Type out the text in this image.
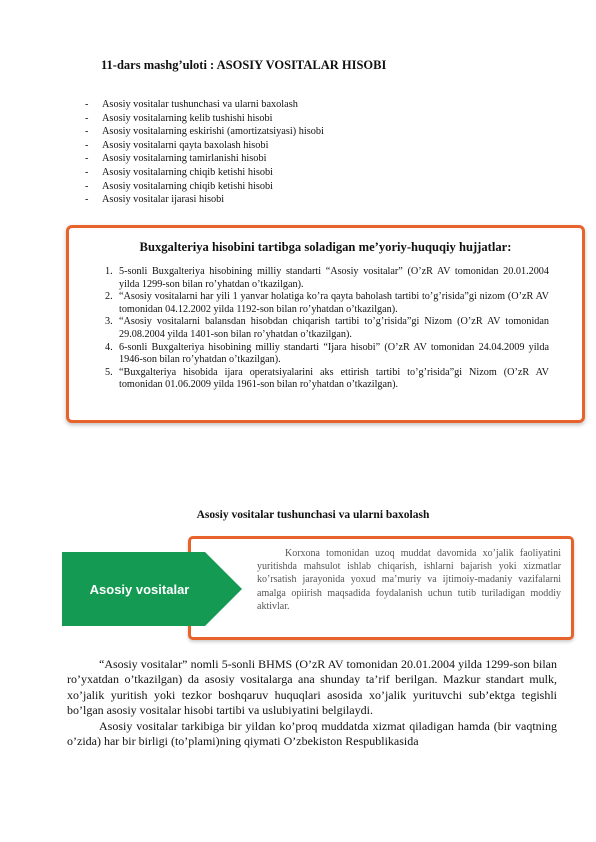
11-dars mashg’uloti : ASOSIY VOSITALAR HISOBI
- Asosiy vositalar tushunchasi va ularni baxolash
- Asosiy vositalarning kelib tushishi hisobi
- Asosiy vositalarning eskirishi (amortizatsiyasi) hisobi
- Asosiy vositalarni qayta baxolash hisobi
- Asosiy vositalarning tamirlanishi hisobi
- Asosiy vositalarning chiqib ketishi hisobi
- Asosiy vositalarning chiqib ketishi hisobi
- Asosiy vositalar ijarasi hisobi
Buxgalteriya hisobini tartibga soladigan me’yoriy-huquqiy hujjatlar:
1. 5-sonli Buxgalteriya hisobining milliy standarti “Asosiy vositalar” (O’zR AV tomonidan 20.01.2004 yilda 1299-son bilan ro’yhatdan o’tkazilgan).
2. “Asosiy vositalarni har yili 1 yanvar holatiga ko’ra qayta baholash tartibi to’g’risida”gi nizom (O’zR AV tomonidan 04.12.2002 yilda 1192-son bilan ro’yhatdan o’tkazilgan).
3. “Asosiy vositalarni balansdan hisobdan chiqarish tartibi to’g’risida”gi Nizom (O’zR AV tomonidan 29.08.2004 yilda 1401-son bilan ro’yhatdan o’tkazilgan).
4. 6-sonli Buxgalteriya hisobining milliy standarti “Ijara hisobi” (O’zR AV tomonidan 24.04.2009 yilda 1946-son bilan ro’yhatdan o’tkazilgan).
5. “Buxgalteriya hisobida ijara operatsiyalarini aks ettirish tartibi to’g’risida”gi Nizom (O’zR AV tomonidan 01.06.2009 yilda 1961-son bilan ro’yhatdan o’tkazilgan).
Asosiy vositalar tushunchasi va ularni baxolash
Korxona tomonidan uzoq muddat davomida xo’jalik faoliyatini yuritishda mahsulot ishlab chiqarish, ishlarni bajarish yoki xizmatlar ko’rsatish jarayonida yoxud ma’muriy va ijtimoiy-madaniy vazifalarni amalga opiirish maqsadida foydalanish uchun tutib turiladigan moddiy aktivlar.
Asosiy vositalar

“Asosiy vositalar” nomli 5-sonli BHMS (O’zR AV tomonidan 20.01.2004 yilda 1299-son bilan ro’yxatdan o’tkazilgan) da asosiy vositalarga ana shunday ta’rif berilgan. Mazkur standart mulk, xo’jalik yuritish yoki tezkor boshqaruv huquqlari asosida xo’jalik yurituvchi sub’ektga tegishli bo’lgan asosiy vositalar hisobi tartibi va uslubiyatini belgilaydi.

Asosiy vositalar tarkibiga bir yildan ko’proq muddatda xizmat qiladigan hamda (bir vaqtning o’zida) har bir birligi (to’plami)ning qiymati O’zbekiston Respublikasida
